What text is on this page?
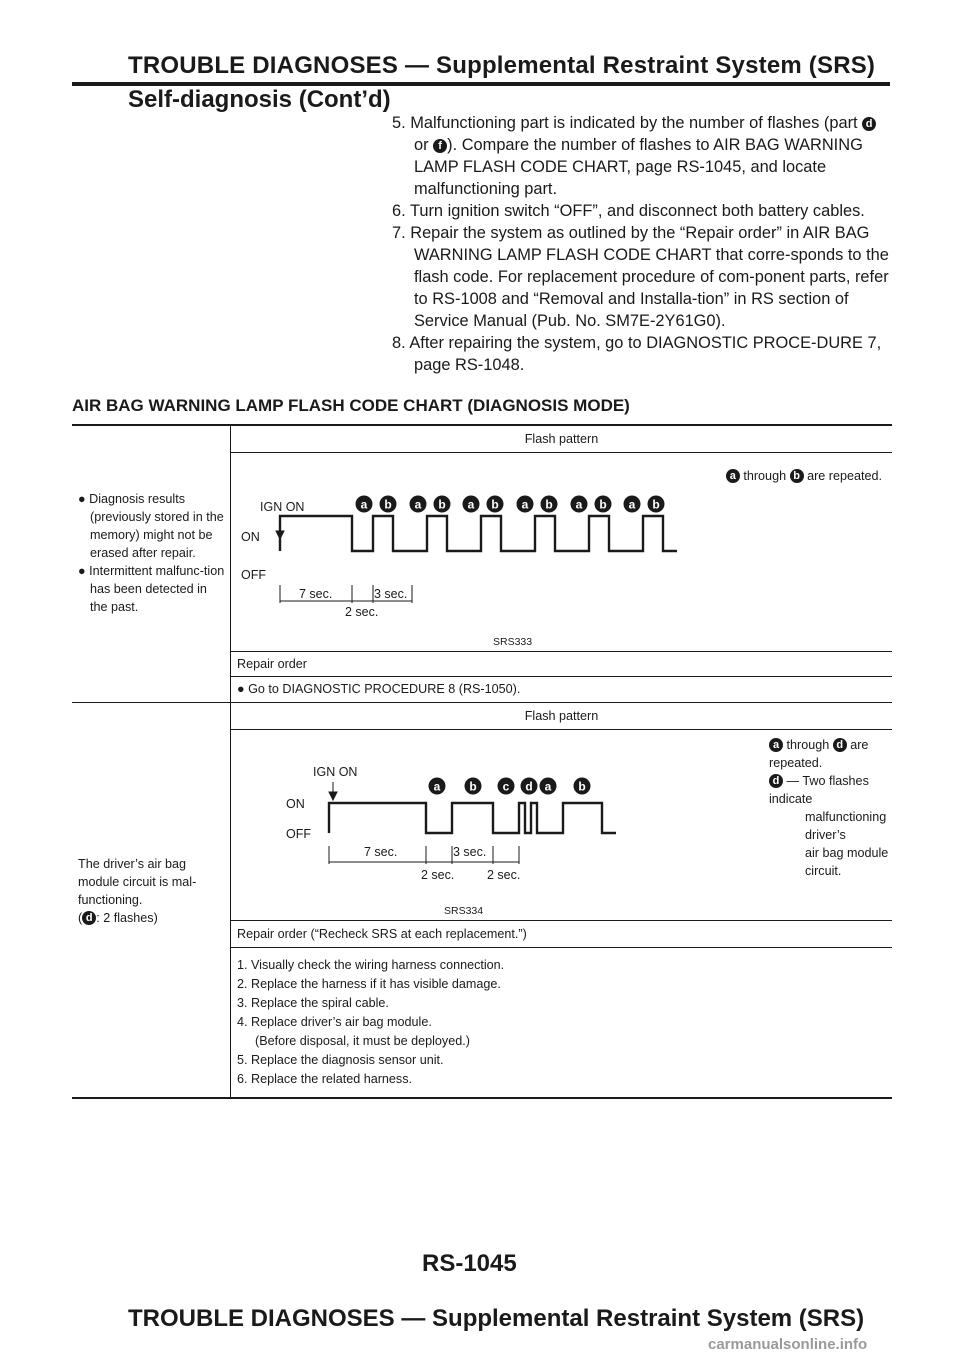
TROUBLE DIAGNOSES — Supplemental Restraint System (SRS)
Self-diagnosis (Cont’d)
5. Malfunctioning part is indicated by the number of flashes (part d or f ). Compare the number of flashes to AIR BAG WARNING LAMP FLASH CODE CHART, page RS-1045, and locate malfunctioning part.
6. Turn ignition switch “OFF”, and disconnect both battery cables.
7. Repair the system as outlined by the “Repair order” in AIR BAG WARNING LAMP FLASH CODE CHART that corre-sponds to the flash code. For replacement procedure of com-ponent parts, refer to RS-1008 and “Removal and Installa-tion” in RS section of Service Manual (Pub. No. SM7E-2Y61G0).
8. After repairing the system, go to DIAGNOSTIC PROCE-DURE 7, page RS-1048.
AIR BAG WARNING LAMP FLASH CODE CHART (DIAGNOSIS MODE)
● Diagnosis results (previously stored in the memory) might not be erased after repair.
● Intermittent malfunc-tion has been detected in the past.
Flash pattern
a through b are repeated.
IGN ON
ON
OFF
7 sec.	3 sec.
2 sec.
a b a b a b a b a b a b
SRS333
Repair order
● Go to DIAGNOSTIC PROCEDURE 8 (RS-1050).
The driver’s air bag
module circuit is mal-
functioning.
( d : 2 flashes)
Flash pattern
a through d are repeated.
d — Two flashes indicate
malfunctioning driver’s
air bag module circuit.
IGN ON
ON
OFF
7 sec.	3 sec.
2 sec.	2 sec.
a b c d a b
SRS334
Repair order (“Recheck SRS at each replacement.”)
1. Visually check the wiring harness connection.
2. Replace the harness if it has visible damage.
3. Replace the spiral cable.
4. Replace driver’s air bag module.
(Before disposal, it must be deployed.)
5. Replace the diagnosis sensor unit.
6. Replace the related harness.
RS-1045
TROUBLE DIAGNOSES — Supplemental Restraint System (SRS)
carmanualsonline.info
